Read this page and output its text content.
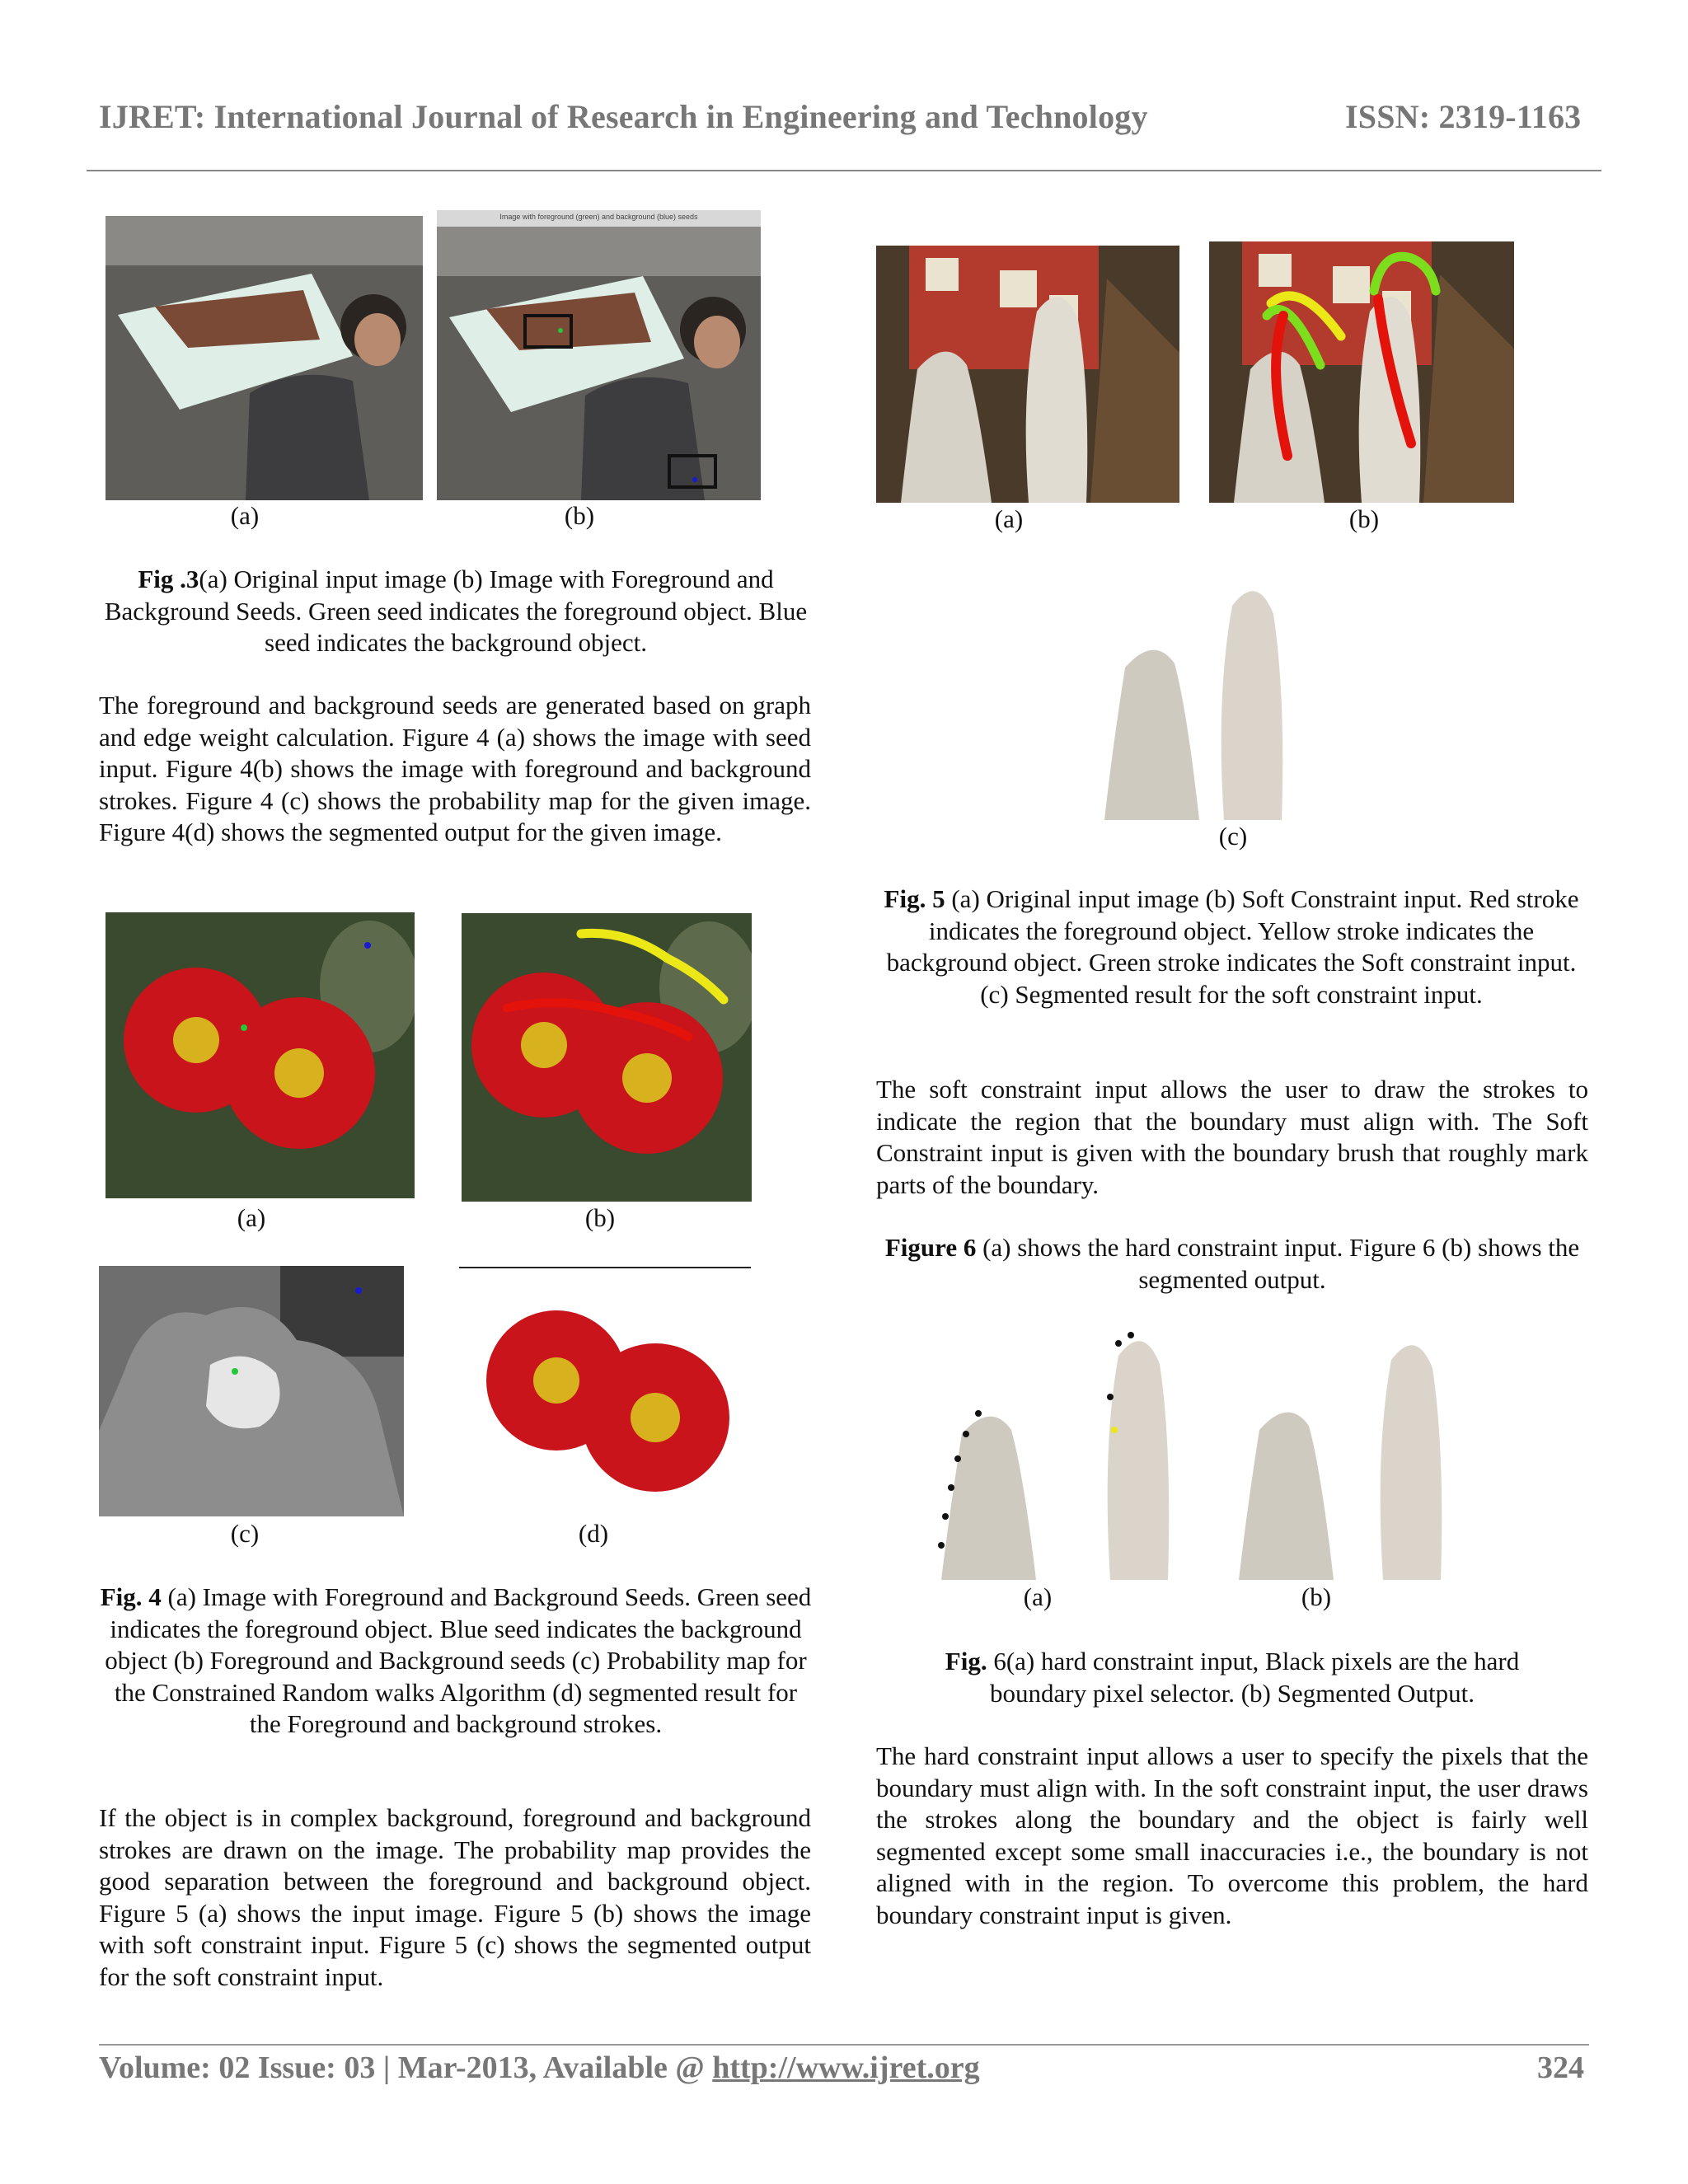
IJRET: International Journal of Research in Engineering and Technology	ISSN: 2319-1163
Image with foreground (green) and background (blue) seeds
(a)	(b)
Fig .3(a) Original input image (b) Image with Foreground and Background Seeds. Green seed indicates the foreground object. Blue seed indicates the background object.
The foreground and background seeds are generated based on graph and edge weight calculation. Figure 4 (a) shows the image with seed input. Figure 4(b) shows the image with foreground and background strokes. Figure 4 (c) shows the probability map for the given image. Figure 4(d) shows the segmented output for the given image.
(a)	(b)
(c)	(d)
Fig. 4 (a) Image with Foreground and Background Seeds. Green seed indicates the foreground object. Blue seed indicates the background object (b) Foreground and Background seeds (c) Probability map for the Constrained Random walks Algorithm (d) segmented result for the Foreground and background strokes.
If the object is in complex background, foreground and background strokes are drawn on the image. The probability map provides the good separation between the foreground and background object. Figure 5 (a) shows the input image. Figure 5 (b) shows the image with soft constraint input. Figure 5 (c) shows the segmented output for the soft constraint input.
(a)	(b)
(c)
Fig. 5 (a) Original input image (b) Soft Constraint input. Red stroke indicates the foreground object. Yellow stroke indicates the background object. Green stroke indicates the Soft constraint input. (c) Segmented result for the soft constraint input.
The soft constraint input allows the user to draw the strokes to indicate the region that the boundary must align with. The Soft Constraint input is given with the boundary brush that roughly mark parts of the boundary.
Figure 6 (a) shows the hard constraint input. Figure 6 (b) shows the segmented output.
(a)	(b)
Fig. 6(a) hard constraint input, Black pixels are the hard boundary pixel selector. (b) Segmented Output.
The hard constraint input allows a user to specify the pixels that the boundary must align with. In the soft constraint input, the user draws the strokes along the boundary and the object is fairly well segmented except some small inaccuracies i.e., the boundary is not aligned with in the region. To overcome this problem, the hard boundary constraint input is given.
Volume: 02 Issue: 03 | Mar-2013, Available @ http://www.ijret.org	324
